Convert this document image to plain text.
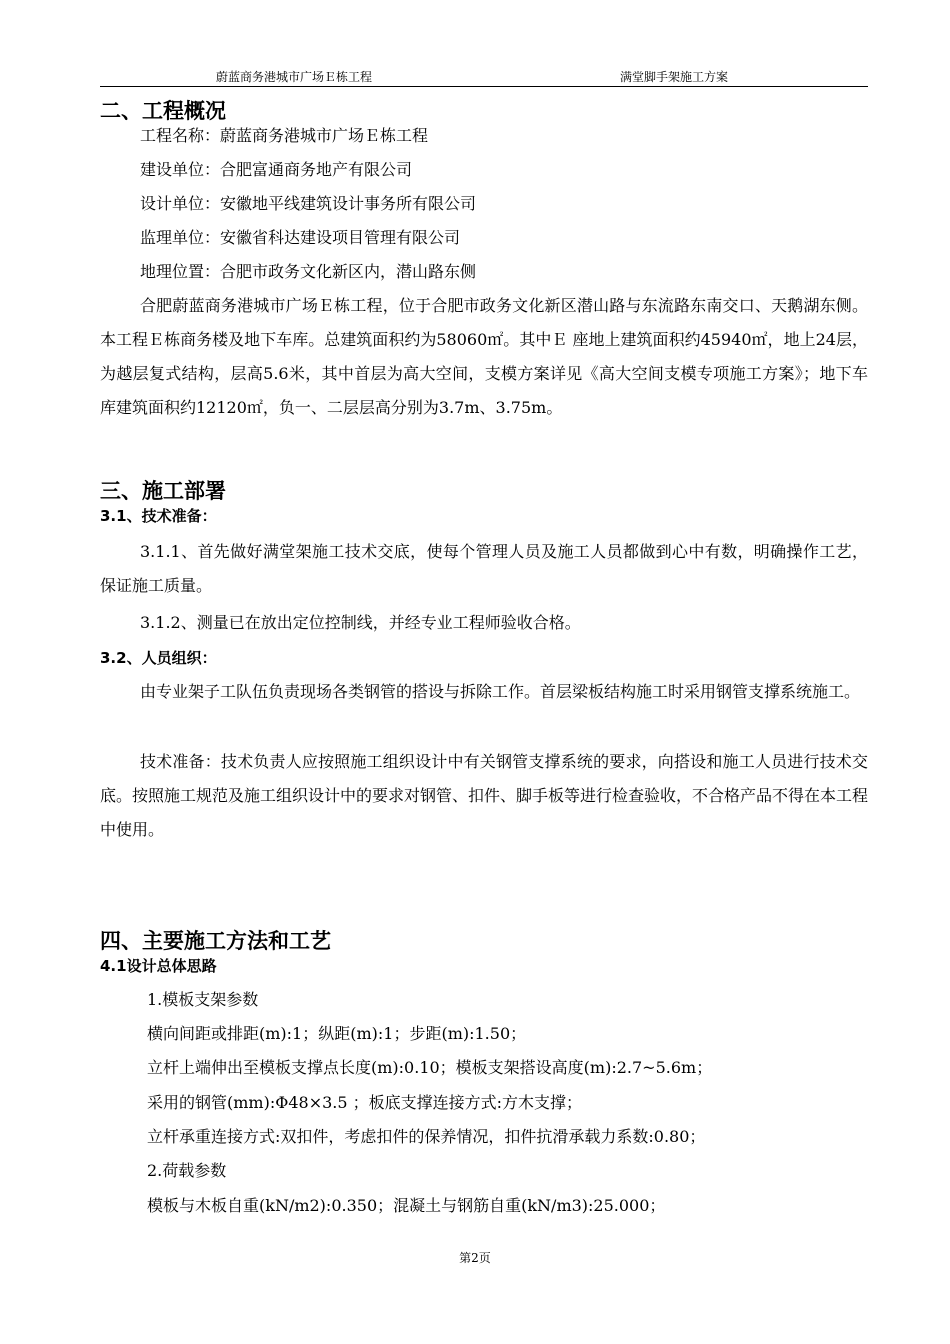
蔚蓝商务港城市广场Ｅ栋工程	满堂脚手架施工方案
二、工程概况
工程名称：蔚蓝商务港城市广场Ｅ栋工程
建设单位：合肥富通商务地产有限公司
设计单位：安徽地平线建筑设计事务所有限公司
监理单位：安徽省科达建设项目管理有限公司
地理位置：合肥市政务文化新区内，潜山路东侧
合肥蔚蓝商务港城市广场Ｅ栋工程，位于合肥市政务文化新区潜山路与东流路东南交口、天鹅湖东侧。本工程Ｅ栋商务楼及地下车库。总建筑面积约为58060㎡。其中Ｅ 座地上建筑面积约45940㎡，地上24层，为越层复式结构，层高5.6米，其中首层为高大空间，支模方案详见《高大空间支模专项施工方案》；地下车库建筑面积约12120㎡，负一、二层层高分别为3.7m、3.75m。
三、施工部署
3.1、技术准备：
3.1.1、首先做好满堂架施工技术交底，使每个管理人员及施工人员都做到心中有数，明确操作工艺，保证施工质量。
3.1.2、测量已在放出定位控制线，并经专业工程师验收合格。
3.2、人员组织：
由专业架子工队伍负责现场各类钢管的搭设与拆除工作。首层梁板结构施工时采用钢管支撑系统施工。
技术准备：技术负责人应按照施工组织设计中有关钢管支撑系统的要求，向搭设和施工人员进行技术交底。按照施工规范及施工组织设计中的要求对钢管、扣件、脚手板等进行检查验收，不合格产品不得在本工程中使用。
四、主要施工方法和工艺
4.1设计总体思路
1.模板支架参数
横向间距或排距(m):1；纵距(m):1；步距(m):1.50；
立杆上端伸出至模板支撑点长度(m):0.10；模板支架搭设高度(m):2.7~5.6m；
采用的钢管(mm):Φ48×3.5 ；板底支撑连接方式:方木支撑；
立杆承重连接方式:双扣件，考虑扣件的保养情况，扣件抗滑承载力系数:0.80；
2.荷载参数
模板与木板自重(kN/m2):0.350；混凝土与钢筋自重(kN/m3):25.000；
第2页
